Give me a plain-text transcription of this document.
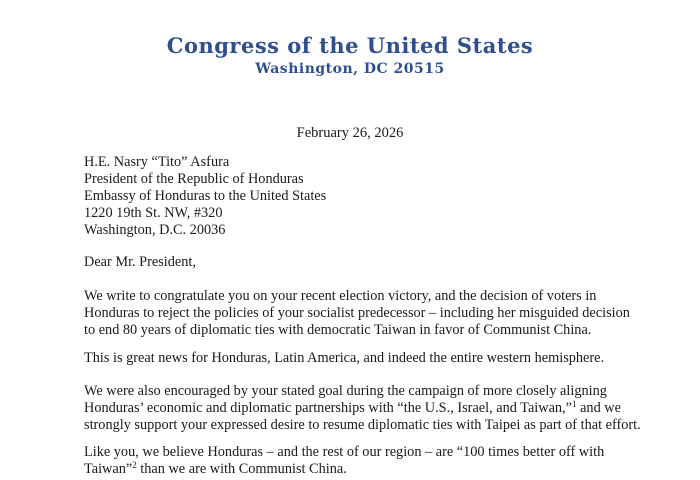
Congress of the United States
Washington, DC 20515
February 26, 2026
H.E. Nasry “Tito” Asfura
President of the Republic of Honduras
Embassy of Honduras to the United States
1220 19th St. NW, #320
Washington, D.C. 20036
Dear Mr. President,
We write to congratulate you on your recent election victory, and the decision of voters in
Honduras to reject the policies of your socialist predecessor – including her misguided decision
to end 80 years of diplomatic ties with democratic Taiwan in favor of Communist China.
This is great news for Honduras, Latin America, and indeed the entire western hemisphere.
We were also encouraged by your stated goal during the campaign of more closely aligning
Honduras’ economic and diplomatic partnerships with “the U.S., Israel, and Taiwan,”$^1$ and we
strongly support your expressed desire to resume diplomatic ties with Taipei as part of that effort.
Like you, we believe Honduras – and the rest of our region – are “100 times better off with
Taiwan”$^2$ than we are with Communist China.
